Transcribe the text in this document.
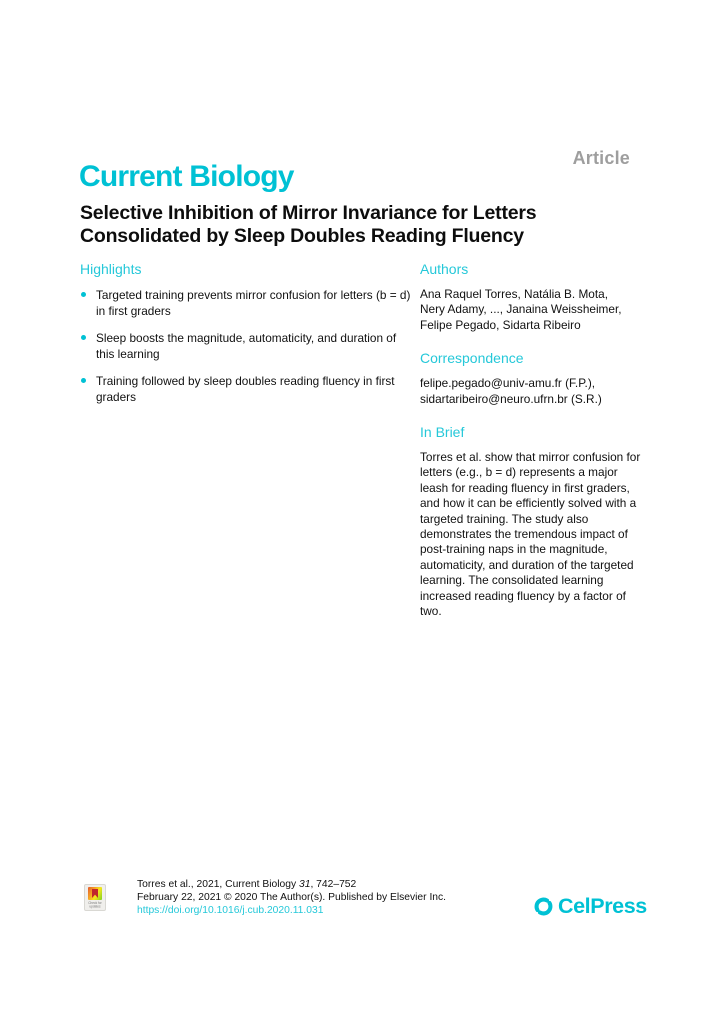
Article
Current Biology
Selective Inhibition of Mirror Invariance for Letters
Consolidated by Sleep Doubles Reading Fluency
Highlights
Targeted training prevents mirror confusion for letters (b = d)
in first graders
Sleep boosts the magnitude, automaticity, and duration of
this learning
Training followed by sleep doubles reading fluency in first
graders
Authors
Ana Raquel Torres, Natália B. Mota,
Nery Adamy, ..., Janaina Weissheimer,
Felipe Pegado, Sidarta Ribeiro
Correspondence
felipe.pegado@univ-amu.fr (F.P.),
sidartaribeiro@neuro.ufrn.br (S.R.)
In Brief

Torres et al. show that mirror confusion for letters (e.g., b = d) represents a major leash for reading fluency in first graders, and how it can be efficiently solved with a targeted training. The study also demonstrates the tremendous impact of post-training naps in the magnitude, automaticity, and duration of the targeted learning. The consolidated learning increased reading fluency by a factor of two.

Check for updates
Torres et al., 2021, Current Biology 31, 742–752
February 22, 2021 © 2020 The Author(s). Published by Elsevier Inc.
https://doi.org/10.1016/j.cub.2020.11.031	CelPress
